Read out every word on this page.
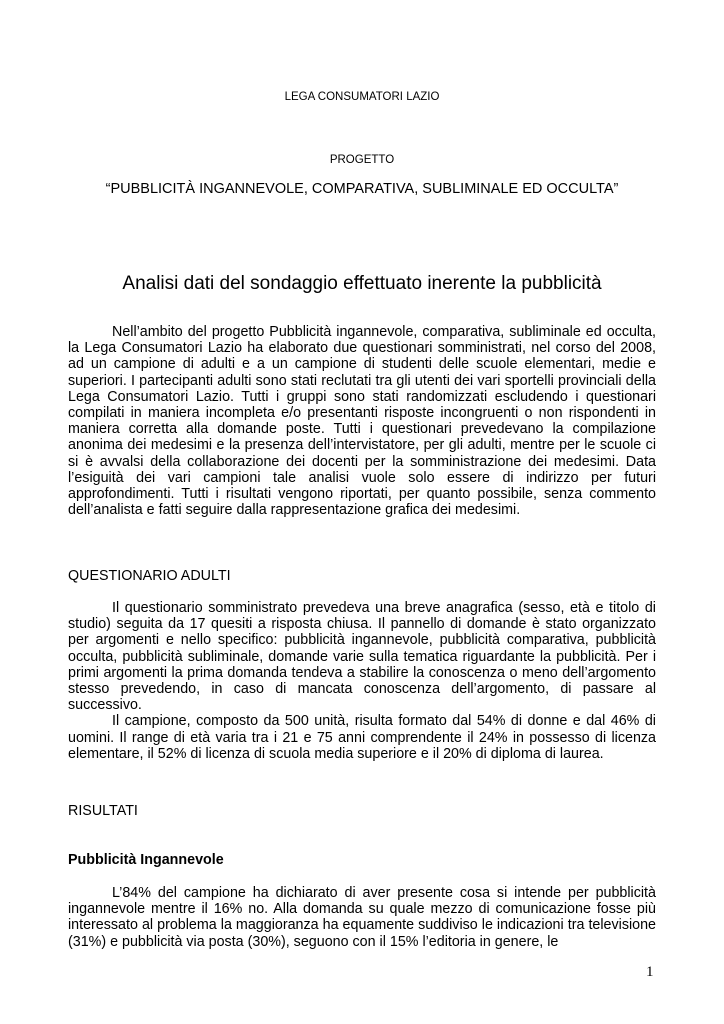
LEGA CONSUMATORI LAZIO
PROGETTO
“PUBBLICITÀ INGANNEVOLE, COMPARATIVA, SUBLIMINALE ED OCCULTA”
Analisi dati del sondaggio effettuato inerente la pubblicità

Nell’ambito del progetto Pubblicità ingannevole, comparativa, subliminale ed occulta, la Lega Consumatori Lazio ha elaborato due questionari somministrati, nel corso del 2008, ad un campione di adulti e a un campione di studenti delle scuole elementari, medie e superiori. I partecipanti adulti sono stati reclutati tra gli utenti dei vari sportelli provinciali della Lega Consumatori Lazio. Tutti i gruppi sono stati randomizzati escludendo i questionari compilati in maniera incompleta e/o presentanti risposte incongruenti o non rispondenti in maniera corretta alla domande poste. Tutti i questionari prevedevano la compilazione anonima dei medesimi e la presenza dell’intervistatore, per gli adulti, mentre per le scuole ci si è avvalsi della collaborazione dei docenti per la somministrazione dei medesimi. Data l’esiguità dei vari campioni tale analisi vuole solo essere di indirizzo per futuri approfondimenti. Tutti i risultati vengono riportati, per quanto possibile, senza commento dell’analista e fatti seguire dalla rappresentazione grafica dei medesimi.

QUESTIONARIO ADULTI

Il questionario somministrato prevedeva una breve anagrafica (sesso, età e titolo di studio) seguita da 17 quesiti a risposta chiusa. Il pannello di domande è stato organizzato per argomenti e nello specifico: pubblicità ingannevole, pubblicità comparativa, pubblicità occulta, pubblicità subliminale, domande varie sulla tematica riguardante la pubblicità. Per i primi argomenti la prima domanda tendeva a stabilire la conoscenza o meno dell’argomento stesso prevedendo, in caso di mancata conoscenza dell’argomento, di passare al successivo.

Il campione, composto da 500 unità, risulta formato dal 54% di donne e dal 46% di uomini. Il range di età varia tra i 21 e 75 anni comprendente il 24% in possesso di licenza elementare, il 52% di licenza di scuola media superiore e il 20% di diploma di laurea.

RISULTATI

Pubblicità Ingannevole

L’84% del campione ha dichiarato di aver presente cosa si intende per pubblicità ingannevole mentre il 16% no. Alla domanda su quale mezzo di comunicazione fosse più interessato al problema la maggioranza ha equamente suddiviso le indicazioni tra televisione (31%) e pubblicità via posta (30%), seguono con il 15% l’editoria in genere, le

1
